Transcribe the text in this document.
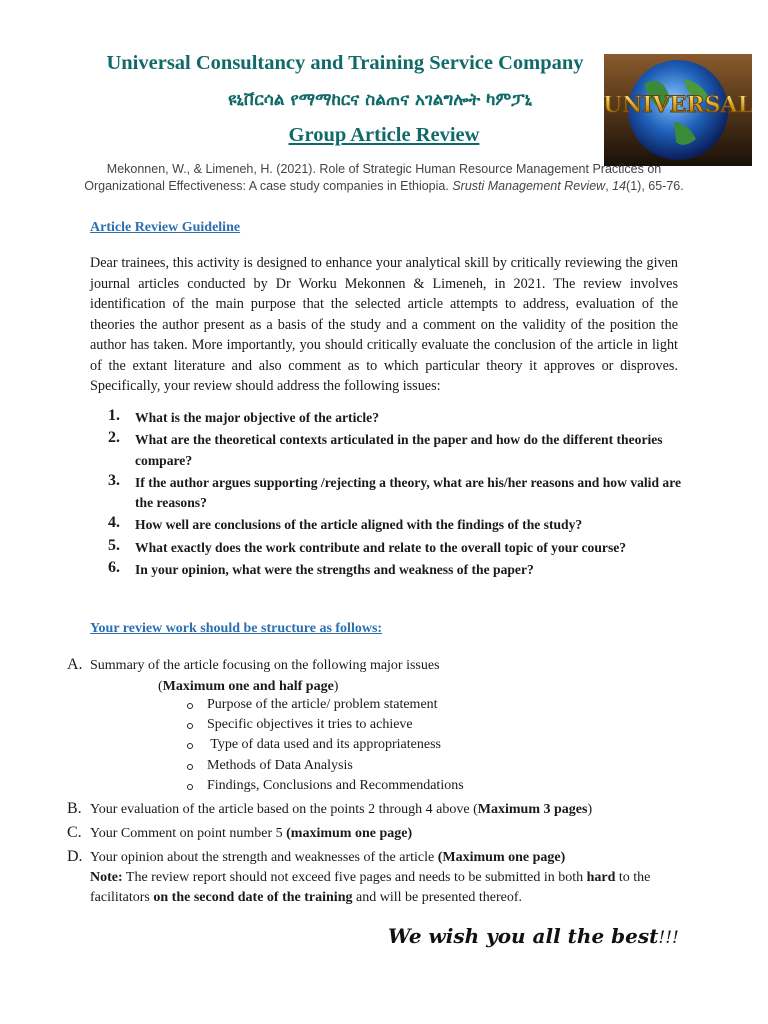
Universal Consultancy and Training Service Company
ዩኒቨርሳል የማማከርና ስልጠና አገልግሎት ካምፓኒ
Group Article Review
UNIVERSAL
Mekonnen, W., & Limeneh, H. (2021). Role of Strategic Human Resource Management Practices on Organizational Effectiveness: A case study companies in Ethiopia. Srusti Management Review, 14(1), 65-76.
Article Review Guideline
Dear trainees, this activity is designed to enhance your analytical skill by critically reviewing the given journal articles conducted by Dr Worku Mekonnen & Limeneh, in 2021. The review involves identification of the main purpose that the selected article attempts to address, evaluation of the theories the author present as a basis of the study and a comment on the validity of the position the author has taken. More importantly, you should critically evaluate the conclusion of the article in light of the extant literature and also comment as to which particular theory it approves or disproves. Specifically, your review should address the following issues:
1.	What is the major objective of the article?
2.	What are the theoretical contexts articulated in the paper and how do the different theories compare?
3.	If the author argues supporting /rejecting a theory, what are his/her reasons and how valid are the reasons?
4.	How well are conclusions of the article aligned with the findings of the study?
5.	What exactly does the work contribute and relate to the overall topic of your course?
6.	In your opinion, what were the strengths and weakness of the paper?
Your review work should be structure as follows:
A. Summary of the article focusing on the following major issues
(Maximum one and half page)
Purpose of the article/ problem statement
Specific objectives it tries to achieve
Type of data used and its appropriateness
Methods of Data Analysis
Findings, Conclusions and Recommendations
B. Your evaluation of the article based on the points 2 through 4 above (Maximum 3 pages)
C. Your Comment on point number 5 (maximum one page)
D. Your opinion about the strength and weaknesses of the article (Maximum one page)
Note: The review report should not exceed five pages and needs to be submitted in both hard to the facilitators on the second date of the training and will be presented thereof.
We wish you all the best!!!
